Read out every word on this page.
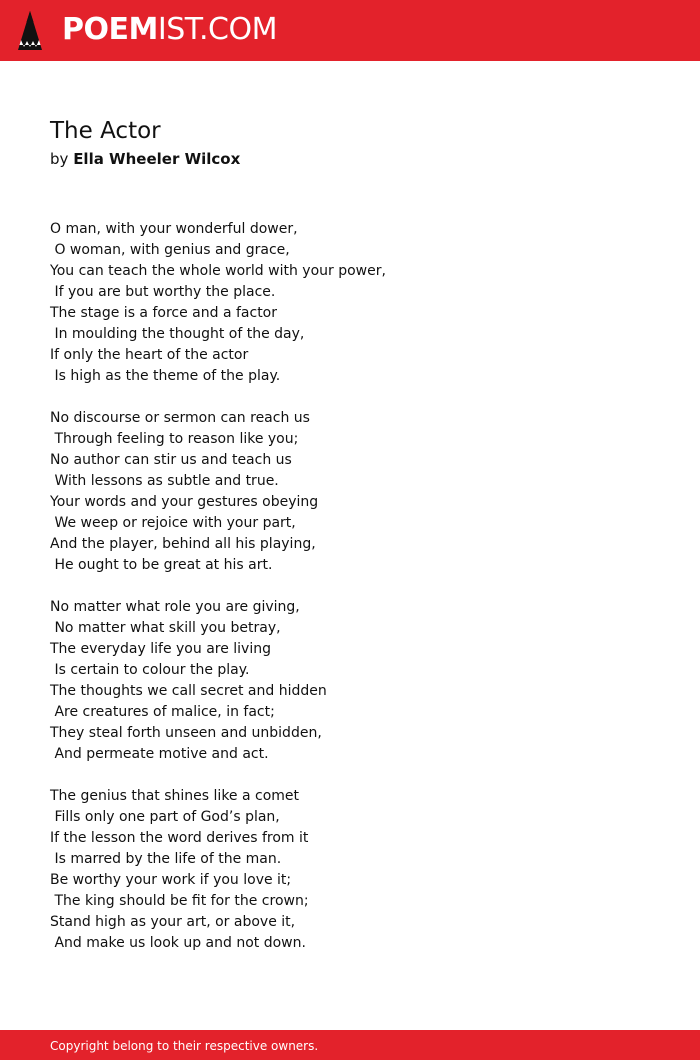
POEMIST.COM
The Actor
by Ella Wheeler Wilcox
O man, with your wonderful dower,
O woman, with genius and grace,
You can teach the whole world with your power,
If you are but worthy the place.
The stage is a force and a factor
In moulding the thought of the day,
If only the heart of the actor
Is high as the theme of the play.
No discourse or sermon can reach us
Through feeling to reason like you;
No author can stir us and teach us
With lessons as subtle and true.
Your words and your gestures obeying
We weep or rejoice with your part,
And the player, behind all his playing,
He ought to be great at his art.
No matter what role you are giving,
No matter what skill you betray,
The everyday life you are living
Is certain to colour the play.
The thoughts we call secret and hidden
Are creatures of malice, in fact;
They steal forth unseen and unbidden,
And permeate motive and act.
The genius that shines like a comet
Fills only one part of God’s plan,
If the lesson the word derives from it
Is marred by the life of the man.
Be worthy your work if you love it;
The king should be fit for the crown;
Stand high as your art, or above it,
And make us look up and not down.
Copyright belong to their respective owners.
